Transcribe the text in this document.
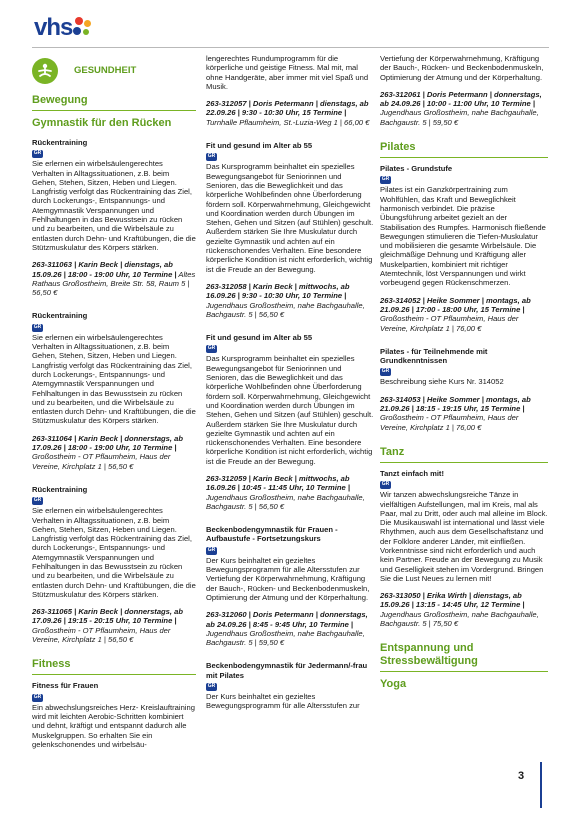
vhs
GESUNDHEIT
Bewegung
Gymnastik für den Rücken
Rückentraining
GR
Sie erlernen ein wirbelsäulengerechtes Verhalten in Alltagssituationen, z.B. beim Gehen, Stehen, Sitzen, Heben und Liegen. Langfristig verfolgt das Rückentraining das Ziel, durch Lockerungs-, Entspannungs- und Atemgymnastik Verspannungen und Fehlhaltungen in das Bewusstsein zu rücken und zu bearbeiten, und die Wirbelsäule zu entlasten durch Dehn- und Kraftübungen, die die Stützmuskulatur des Körpers stärken.
263-311063 | Karin Beck | dienstags, ab 15.09.26 | 18:00 - 19:00 Uhr, 10 Termine | Altes Rathaus Großostheim, Breite Str. 58, Raum 5 | 56,50 €
Rückentraining
GR
Sie erlernen ein wirbelsäulengerechtes Verhalten in Alltagssituationen, z.B. beim Gehen, Stehen, Sitzen, Heben und Liegen. Langfristig verfolgt das Rückentraining das Ziel, durch Lockerungs-, Entspannungs- und Atemgymnastik Verspannungen und Fehlhaltungen in das Bewusstsein zu rücken und zu bearbeiten, und die Wirbelsäule zu entlasten durch Dehn- und Kraftübungen, die die Stützmuskulatur des Körpers stärken.
263-311064 | Karin Beck | donnerstags, ab 17.09.26 | 18:00 - 19:00 Uhr, 10 Termine | Großostheim - OT Pflaumheim, Haus der Vereine, Kirchplatz 1 | 56,50 €
Rückentraining
GR
Sie erlernen ein wirbelsäulengerechtes Verhalten in Alltagssituationen, z.B. beim Gehen, Stehen, Sitzen, Heben und Liegen. Langfristig verfolgt das Rückentraining das Ziel, durch Lockerungs-, Entspannungs- und Atemgymnastik Verspannungen und Fehlhaltungen in das Bewusstsein zu rücken und zu bearbeiten, und die Wirbelsäule zu entlasten durch Dehn- und Kraftübungen, die die Stützmuskulatur des Körpers stärken.
263-311065 | Karin Beck | donnerstags, ab 17.09.26 | 19:15 - 20:15 Uhr, 10 Termine | Großostheim - OT Pflaumheim, Haus der Vereine, Kirchplatz 1 | 56,50 €
Fitness
Fitness für Frauen
GR
Ein abwechslungsreiches Herz- Kreislauftraining wird mit leichten Aerobic-Schritten kombiniert und dehnt, kräftigt und entspannt dadurch alle Muskelgruppen. So erhalten Sie ein gelenkschonendes und wirbelsäu-
lengerechtes Rundumprogramm für die körperliche und geistige Fitness. Mal mit, mal ohne Handgeräte, aber immer mit viel Spaß und Musik.
263-312057 | Doris Petermann | dienstags, ab 22.09.26 | 9:30 - 10:30 Uhr, 15 Termine | Turnhalle Pflaumheim, St.-Luzia-Weg 1 | 66,00 €
Fit und gesund im Alter ab 55
GR
Das Kursprogramm beinhaltet ein spezielles Bewegungsangebot für Seniorinnen und Senioren, das die Beweglichkeit und das körperliche Wohlbefinden ohne Überforderung fördern soll. Körperwahrnehmung, Gleichgewicht und Koordination werden durch Übungen im Stehen, Gehen und Sitzen (auf Stühlen) geschult. Außerdem stärken Sie Ihre Muskulatur durch gezielte Gymnastik und achten auf ein rückenschonendes Verhalten. Eine besondere körperliche Kondition ist nicht erforderlich, wichtig ist die Freude an der Bewegung.
263-312058 | Karin Beck | mittwochs, ab 16.09.26 | 9:30 - 10:30 Uhr, 10 Termine | Jugendhaus Großostheim, nahe Bachgauhalle, Bachgaustr. 5 | 56,50 €
Fit und gesund im Alter ab 55
GR
Das Kursprogramm beinhaltet ein spezielles Bewegungsangebot für Seniorinnen und Senioren, das die Beweglichkeit und das körperliche Wohlbefinden ohne Überforderung fördern soll. Körperwahrnehmung, Gleichgewicht und Koordination werden durch Übungen im Stehen, Gehen und Sitzen (auf Stühlen) geschult. Außerdem stärken Sie Ihre Muskulatur durch gezielte Gymnastik und achten auf ein rückenschonendes Verhalten. Eine besondere körperliche Kondition ist nicht erforderlich, wichtig ist die Freude an der Bewegung.
263-312059 | Karin Beck | mittwochs, ab 16.09.26 | 10:45 - 11:45 Uhr, 10 Termine | Jugendhaus Großostheim, nahe Bachgauhalle, Bachgaustr. 5 | 56,50 €
Beckenbodengymnastik für Frauen - Aufbaustufe - Fortsetzungskurs
GR
Der Kurs beinhaltet ein gezieltes Bewegungsprogramm für alle Altersstufen zur Vertiefung der Körperwahrnehmung, Kräftigung der Bauch-, Rücken- und Beckenbodenmuskeln, Optimierung der Atmung und der Körperhaltung.
263-312060 | Doris Petermann | donnerstags, ab 24.09.26 | 8:45 - 9:45 Uhr, 10 Termine | Jugendhaus Großostheim, nahe Bachgauhalle, Bachgaustr. 5 | 59,50 €
Beckenbodengymnastik für Jedermann/-frau mit Pilates
GR
Der Kurs beinhaltet ein gezieltes Bewegungsprogramm für alle Altersstufen zur
Vertiefung der Körperwahrnehmung, Kräftigung der Bauch-, Rücken- und Beckenbodenmuskeln, Optimierung der Atmung und der Körperhaltung.
263-312061 | Doris Petermann | donnerstags, ab 24.09.26 | 10:00 - 11:00 Uhr, 10 Termine | Jugendhaus Großostheim, nahe Bachgauhalle, Bachgaustr. 5 | 59,50 €
Pilates
Pilates - Grundstufe
GR
Pilates ist ein Ganzkörpertraining zum Wohlfühlen, das Kraft und Beweglichkeit harmonisch verbindet. Die präzise Übungsführung arbeitet gezielt an der Stabilisation des Rumpfes. Harmonisch fließende Bewegungen stimulieren die Tiefen-Muskulatur und mobilisieren die gesamte Wirbelsäule. Die gleichmäßige Dehnung und Kräftigung aller Muskelpartien, kombiniert mit richtiger Atemtechnik, löst Verspannungen und wirkt vorbeugend gegen Rückenschmerzen.
263-314052 | Heike Sommer | montags, ab 21.09.26 | 17:00 - 18:00 Uhr, 15 Termine | Großostheim - OT Pflaumheim, Haus der Vereine, Kirchplatz 1 | 76,00 €
Pilates - für Teilnehmende mit Grundkenntnissen
GR
Beschreibung siehe Kurs Nr. 314052
263-314053 | Heike Sommer | montags, ab 21.09.26 | 18:15 - 19:15 Uhr, 15 Termine | Großostheim - OT Pflaumheim, Haus der Vereine, Kirchplatz 1 | 76,00 €
Tanz
Tanzt einfach mit!
GR
Wir tanzen abwechslungsreiche Tänze in vielfältigen Aufstellungen, mal im Kreis, mal als Paar, mal zu Dritt, oder auch mal alleine im Block. Die Musikauswahl ist international und lässt viele Rhythmen, auch aus dem Gesellschaftstanz und der Folklore anderer Länder, mit einfließen. Vorkenntnisse sind nicht erforderlich und auch kein Partner. Freude an der Bewegung zu Musik und Geselligkeit stehen im Vordergrund. Bringen Sie die Lust Neues zu lernen mit!
263-313050 | Erika Wirth | dienstags, ab 15.09.26 | 13:15 - 14:45 Uhr, 12 Termine | Jugendhaus Großostheim, nahe Bachgauhalle, Bachgaustr. 5 | 75,50 €
Entspannung und Stressbewältigung
Yoga
3
